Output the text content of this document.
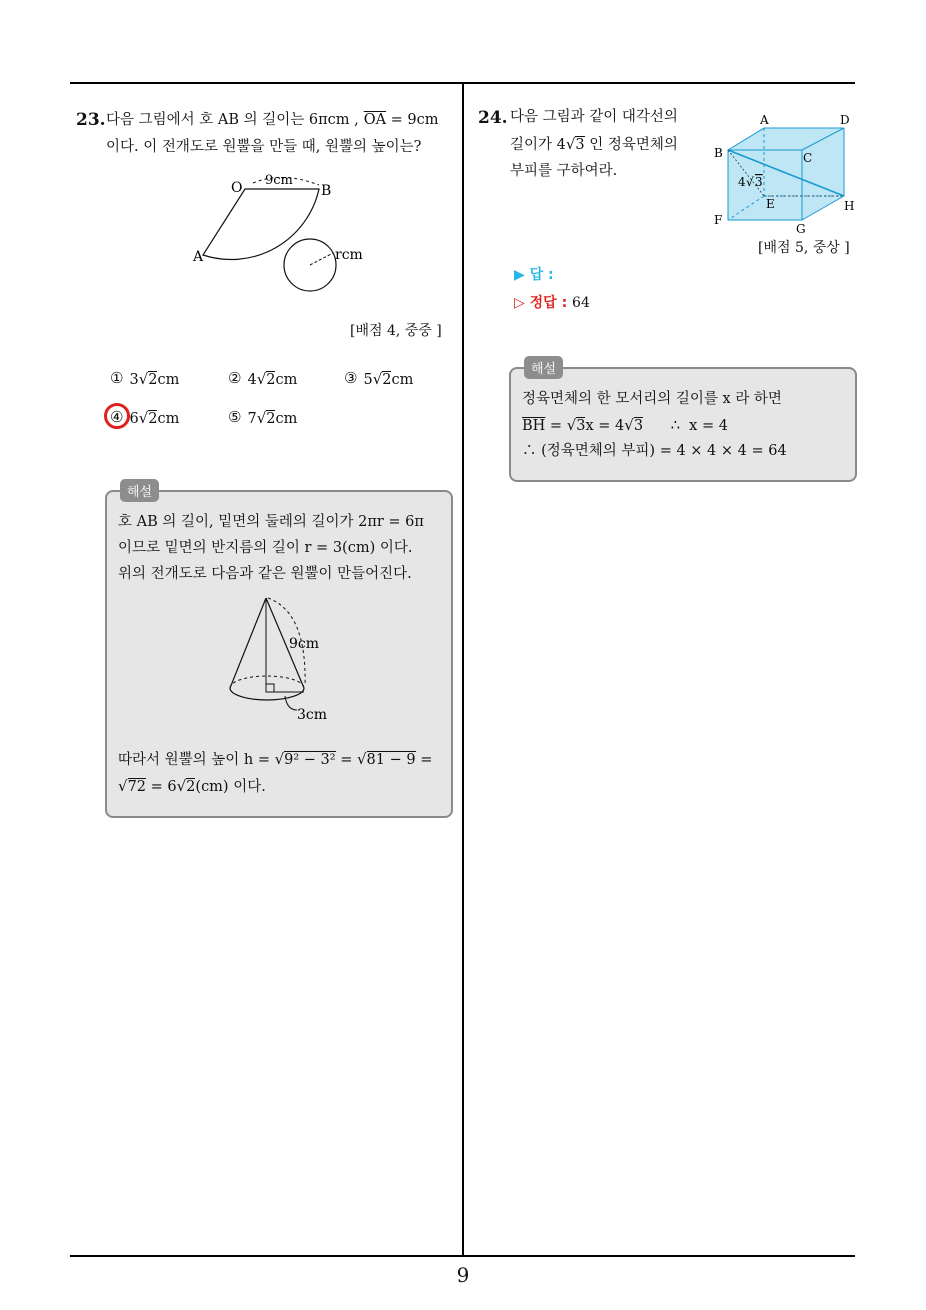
9
23. 다음 그림에서 호 AB 의 길이는 6πcm , $\overline{OA} = 9cm$
이다. 이 전개도로 원뿔을 만들 때, 원뿔의 높이는?
O	B
A
9cm
rcm
[배점 4, 중중 ]
① 3√2cm	② 4√2cm	③ 5√2cm
④ 6√2cm	⑤ 7√2cm
해설
호 AB 의 길이, 밑면의 둘레의 길이가 2πr = 6π
이므로 밑면의 반지름의 길이 r = 3(cm) 이다.
위의 전개도로 다음과 같은 원뿔이 만들어진다.
9cm
3cm
따라서 원뿔의 높이 h = √9² − 3² = √81 − 9 =
√72 = 6√2(cm) 이다.
24. 다음 그림과 같이 대각선의
길이가 4√3 인 정육면체의
부피를 구하여라.
A	D
B	C
E
F
G
H
4 √ 3
[배점 5, 중상 ]
▶ 답 :
▷ 정답 : 64
해설
정육면체의 한 모서리의 길이를 x 라 하면
$\overline{BH} = √3x = 4√3$      ∴  x = 4
∴ (정육면체의 부피) = 4 × 4 × 4 = 64
